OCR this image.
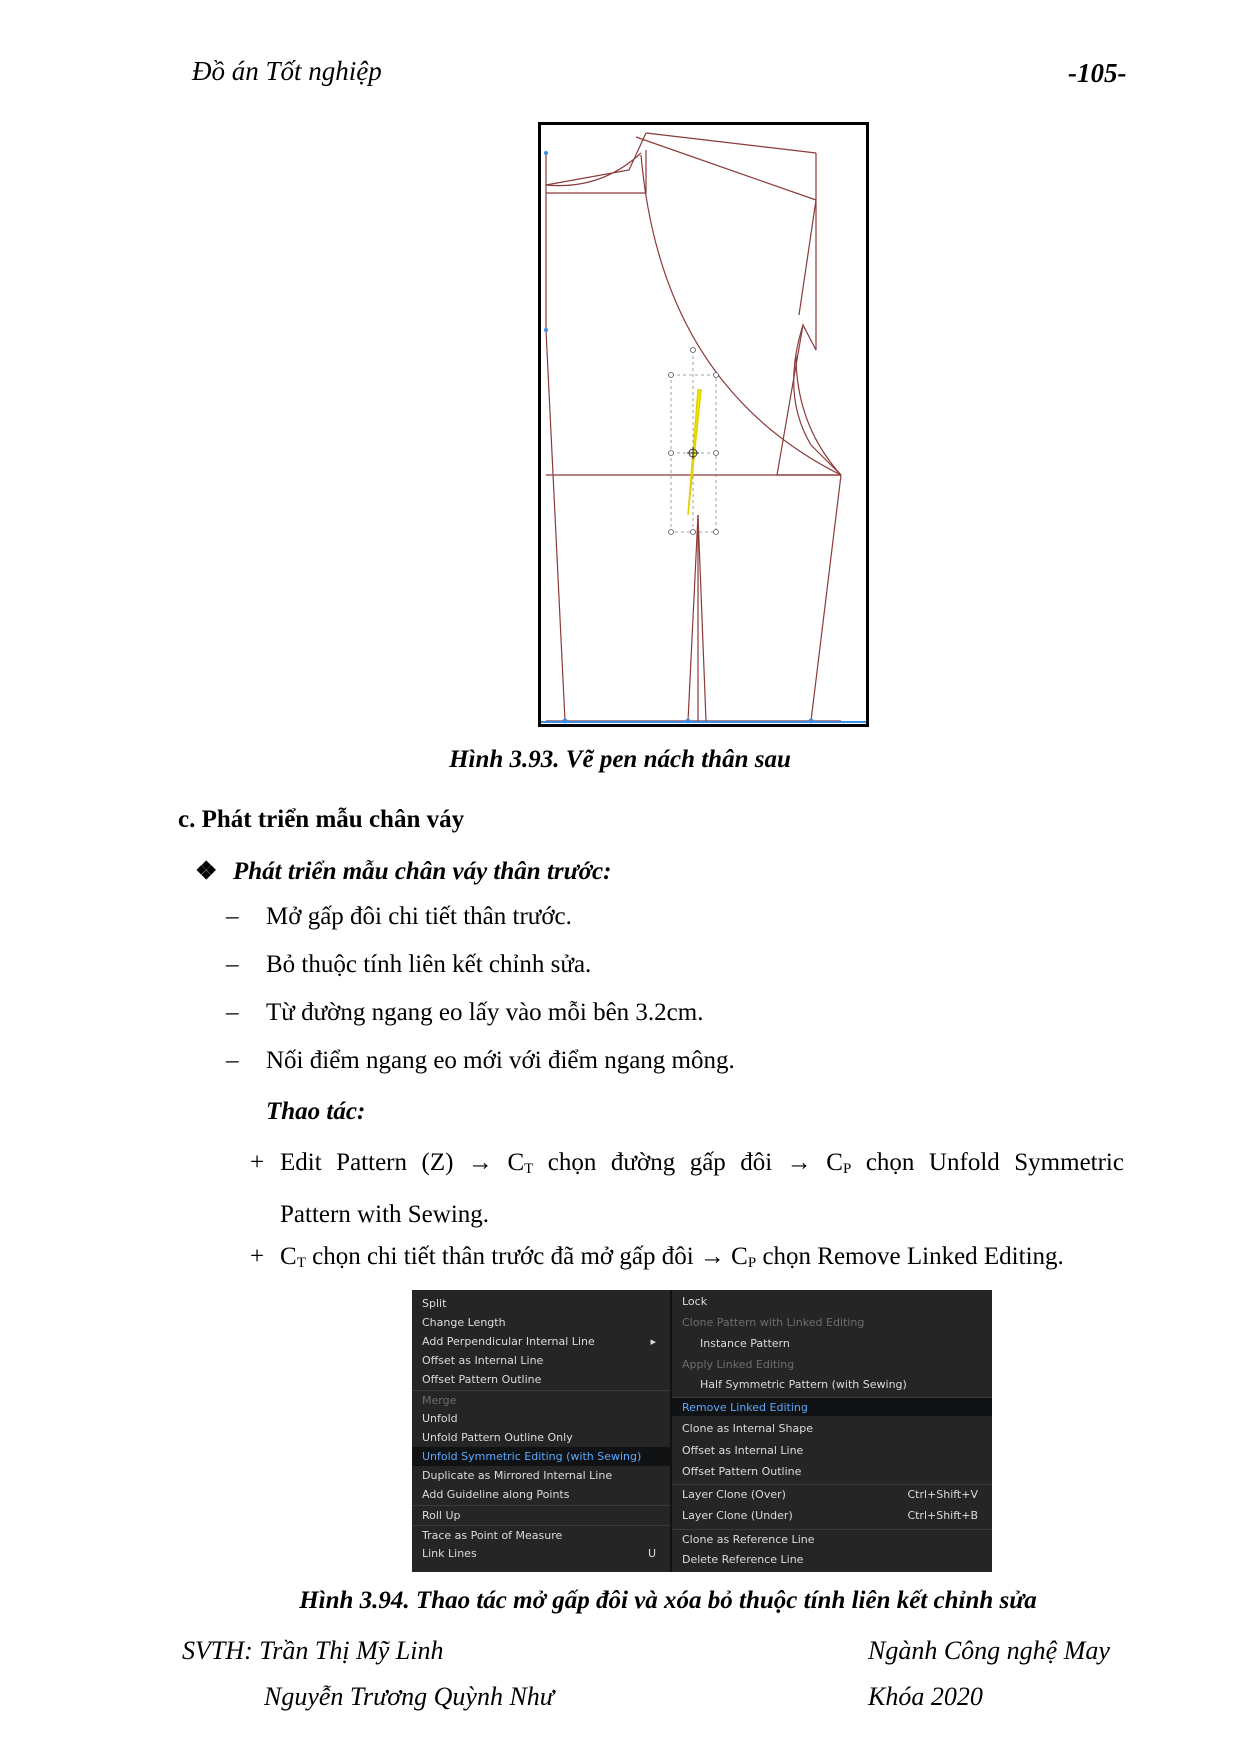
Đồ án Tốt nghiệp	-105-
Hình 3.93. Vẽ pen nách thân sau
c. Phát triển mẫu chân váy
❖ Phát triển mẫu chân váy thân trước:
– Mở gấp đôi chi tiết thân trước.
– Bỏ thuộc tính liên kết chỉnh sửa.
– Từ đường ngang eo lấy vào mỗi bên 3.2cm.
– Nối điểm ngang eo mới với điểm ngang mông.
Thao tác:
+ Edit Pattern $(Z) \to C_T$ chọn đường gấp đôi → $C_P$ chọn Unfold Symmetric
Pattern with Sewing.
+ $C_T$ chọn chi tiết thân trước đã mở gấp đôi → $C_P$ chọn Remove Linked Editing.
Split
Change Length
Add Perpendicular Internal Line	▸
Offset as Internal Line
Offset Pattern Outline
Merge
Unfold
Unfold Pattern Outline Only
Unfold Symmetric Editing (with Sewing)
Duplicate as Mirrored Internal Line
Add Guideline along Points
Roll Up
Trace as Point of Measure
Link Lines	U
Lock
Clone Pattern with Linked Editing
Instance Pattern
Apply Linked Editing
Half Symmetric Pattern (with Sewing)
Remove Linked Editing
Clone as Internal Shape
Offset as Internal Line
Offset Pattern Outline
Layer Clone (Over)	Ctrl+Shift+V
Layer Clone (Under)	Ctrl+Shift+B
Clone as Reference Line
Delete Reference Line
Hình 3.94. Thao tác mở gấp đôi và xóa bỏ thuộc tính liên kết chỉnh sửa
SVTH: Trần Thị Mỹ Linh
Nguyễn Trương Quỳnh Như
Ngành Công nghệ May
Khóa 2020
